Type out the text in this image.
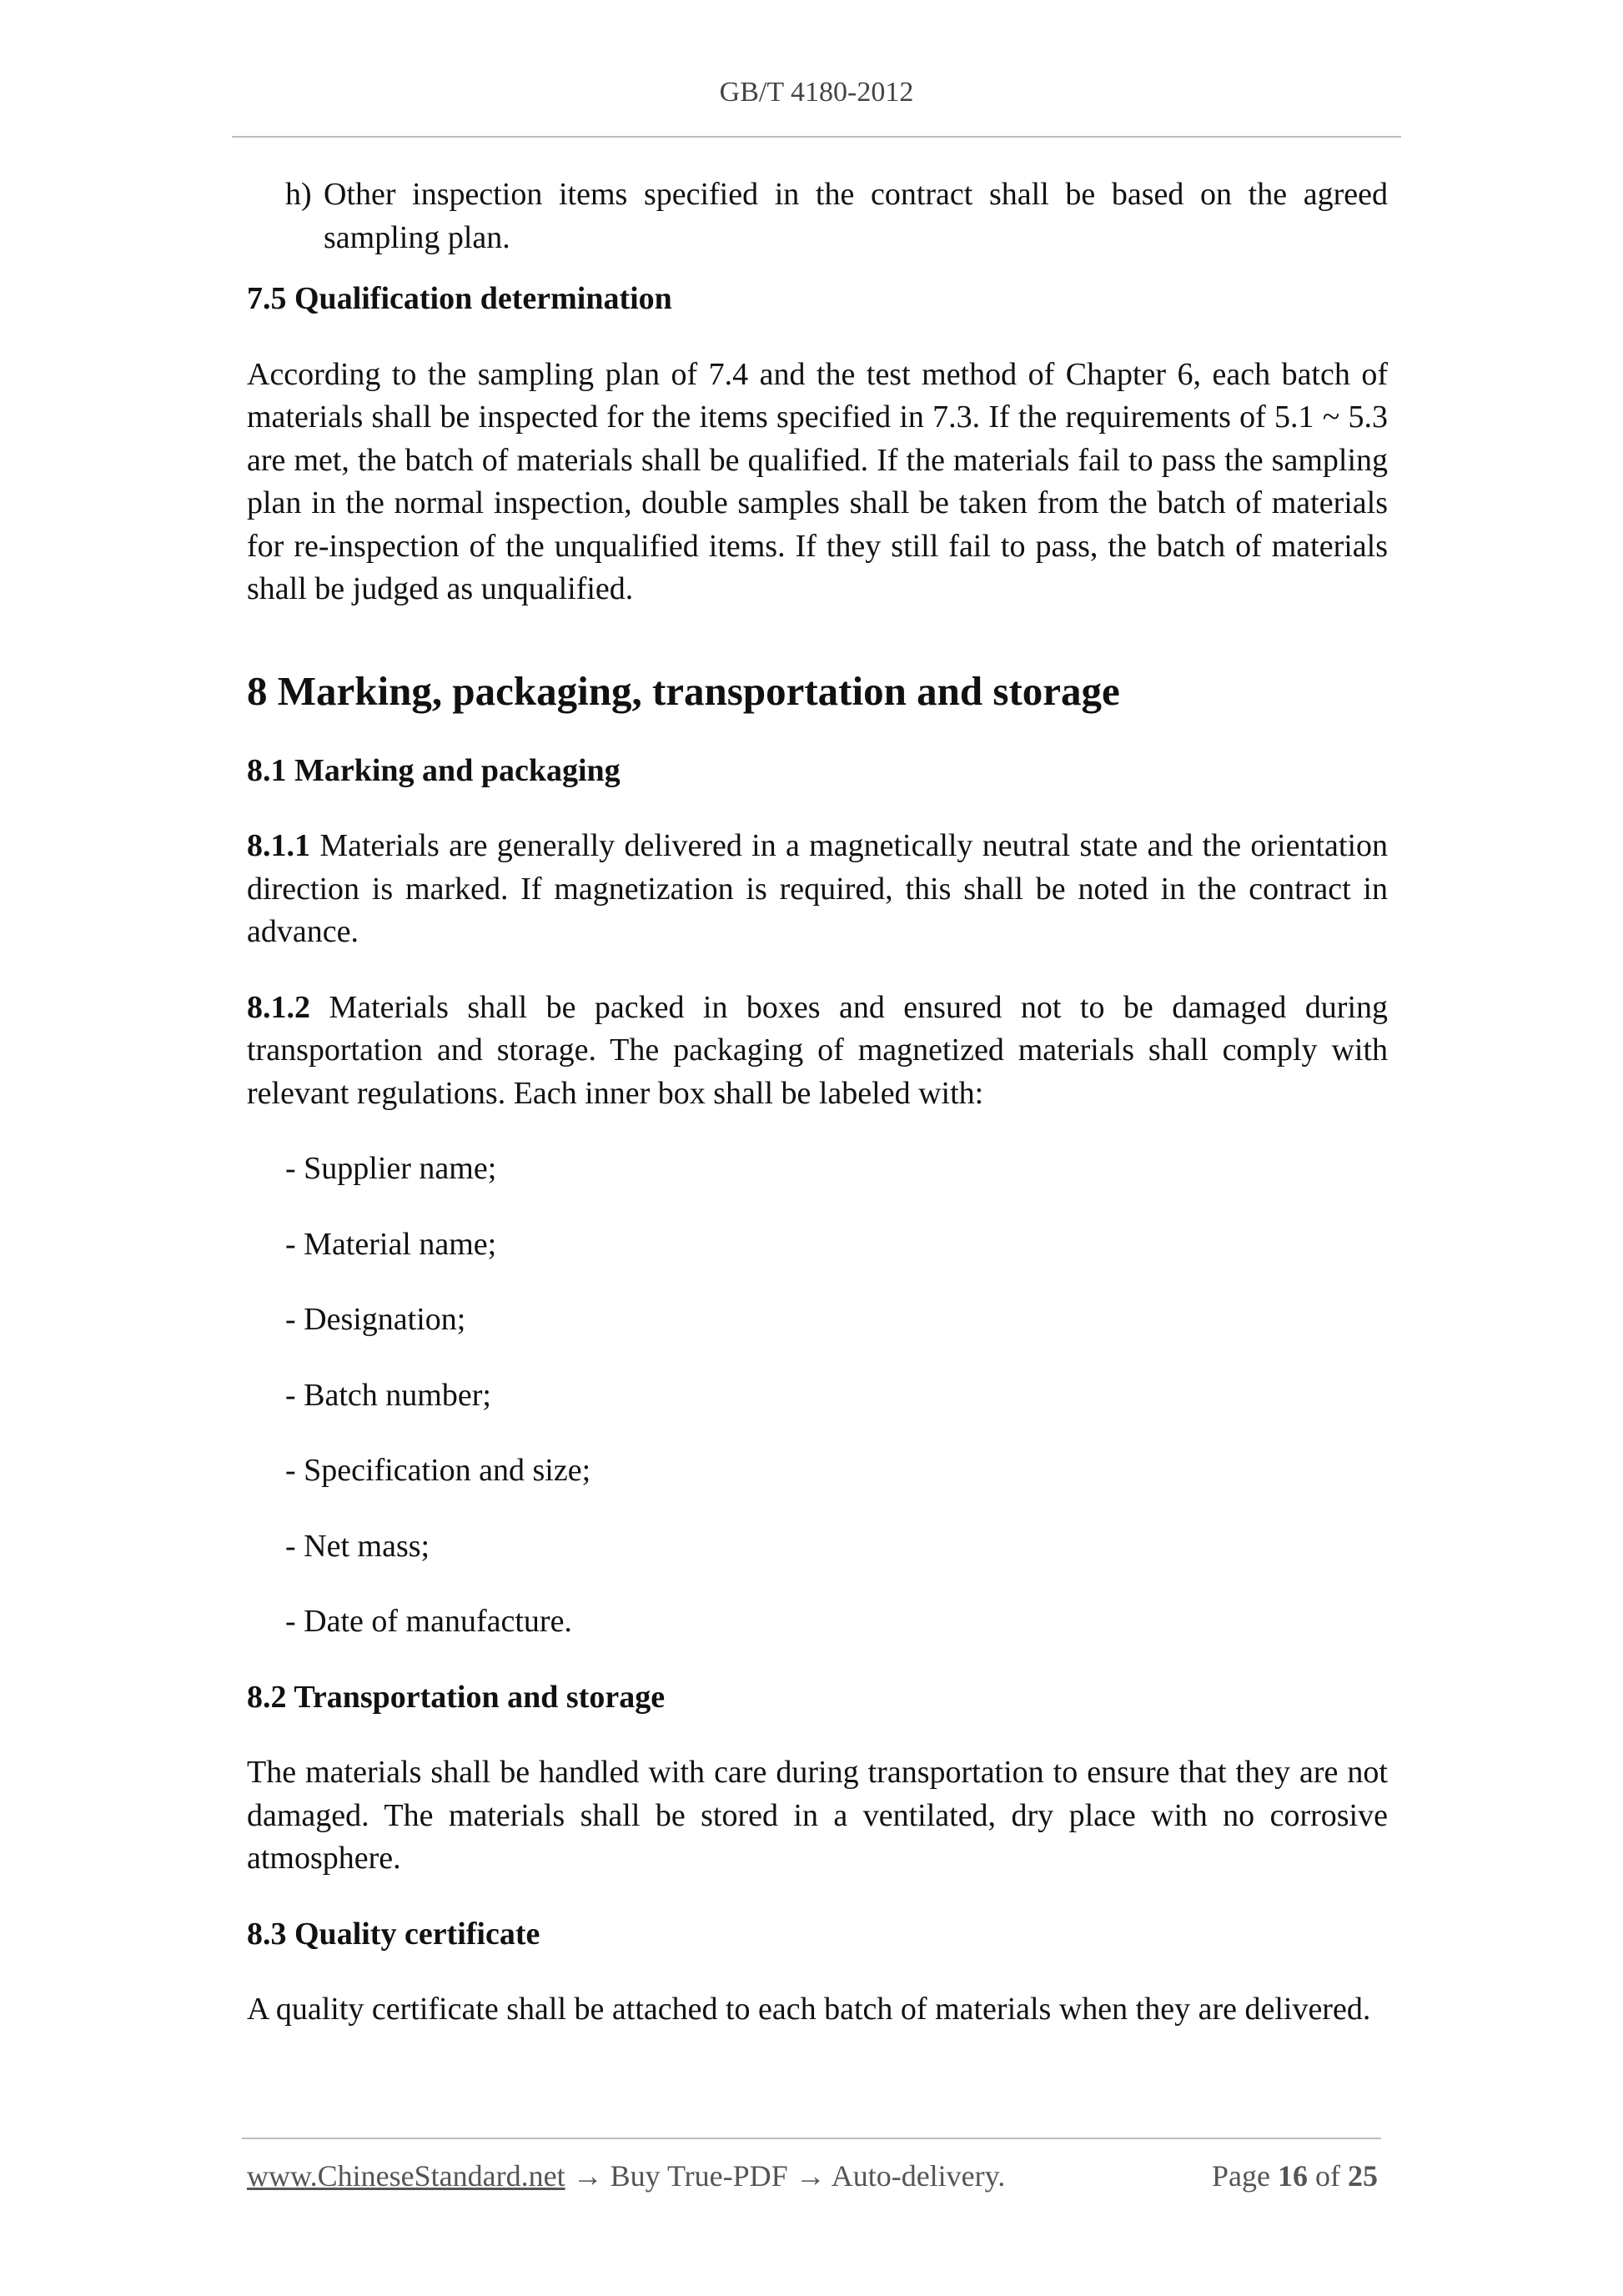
GB/T 4180-2012

h) Other inspection items specified in the contract shall be based on the agreed sampling plan.

7.5 Qualification determination

According to the sampling plan of 7.4 and the test method of Chapter 6, each batch of materials shall be inspected for the items specified in 7.3. If the requirements of 5.1 ~ 5.3 are met, the batch of materials shall be qualified. If the materials fail to pass the sampling plan in the normal inspection, double samples shall be taken from the batch of materials for re-inspection of the unqualified items. If they still fail to pass, the batch of materials shall be judged as unqualified.

8 Marking, packaging, transportation and storage
8.1 Marking and packaging

8.1.1 Materials are generally delivered in a magnetically neutral state and the orientation direction is marked. If magnetization is required, this shall be noted in the contract in advance.

8.1.2 Materials shall be packed in boxes and ensured not to be damaged during transportation and storage. The packaging of magnetized materials shall comply with relevant regulations. Each inner box shall be labeled with:

- Supplier name;
- Material name;
- Designation;
- Batch number;
- Specification and size;
- Net mass;
- Date of manufacture.
8.2 Transportation and storage

The materials shall be handled with care during transportation to ensure that they are not damaged. The materials shall be stored in a ventilated, dry place with no corrosive atmosphere.

8.3 Quality certificate

A quality certificate shall be attached to each batch of materials when they are delivered.

www.ChineseStandard.net → Buy True-PDF → Auto-delivery.	Page 16 of 25
